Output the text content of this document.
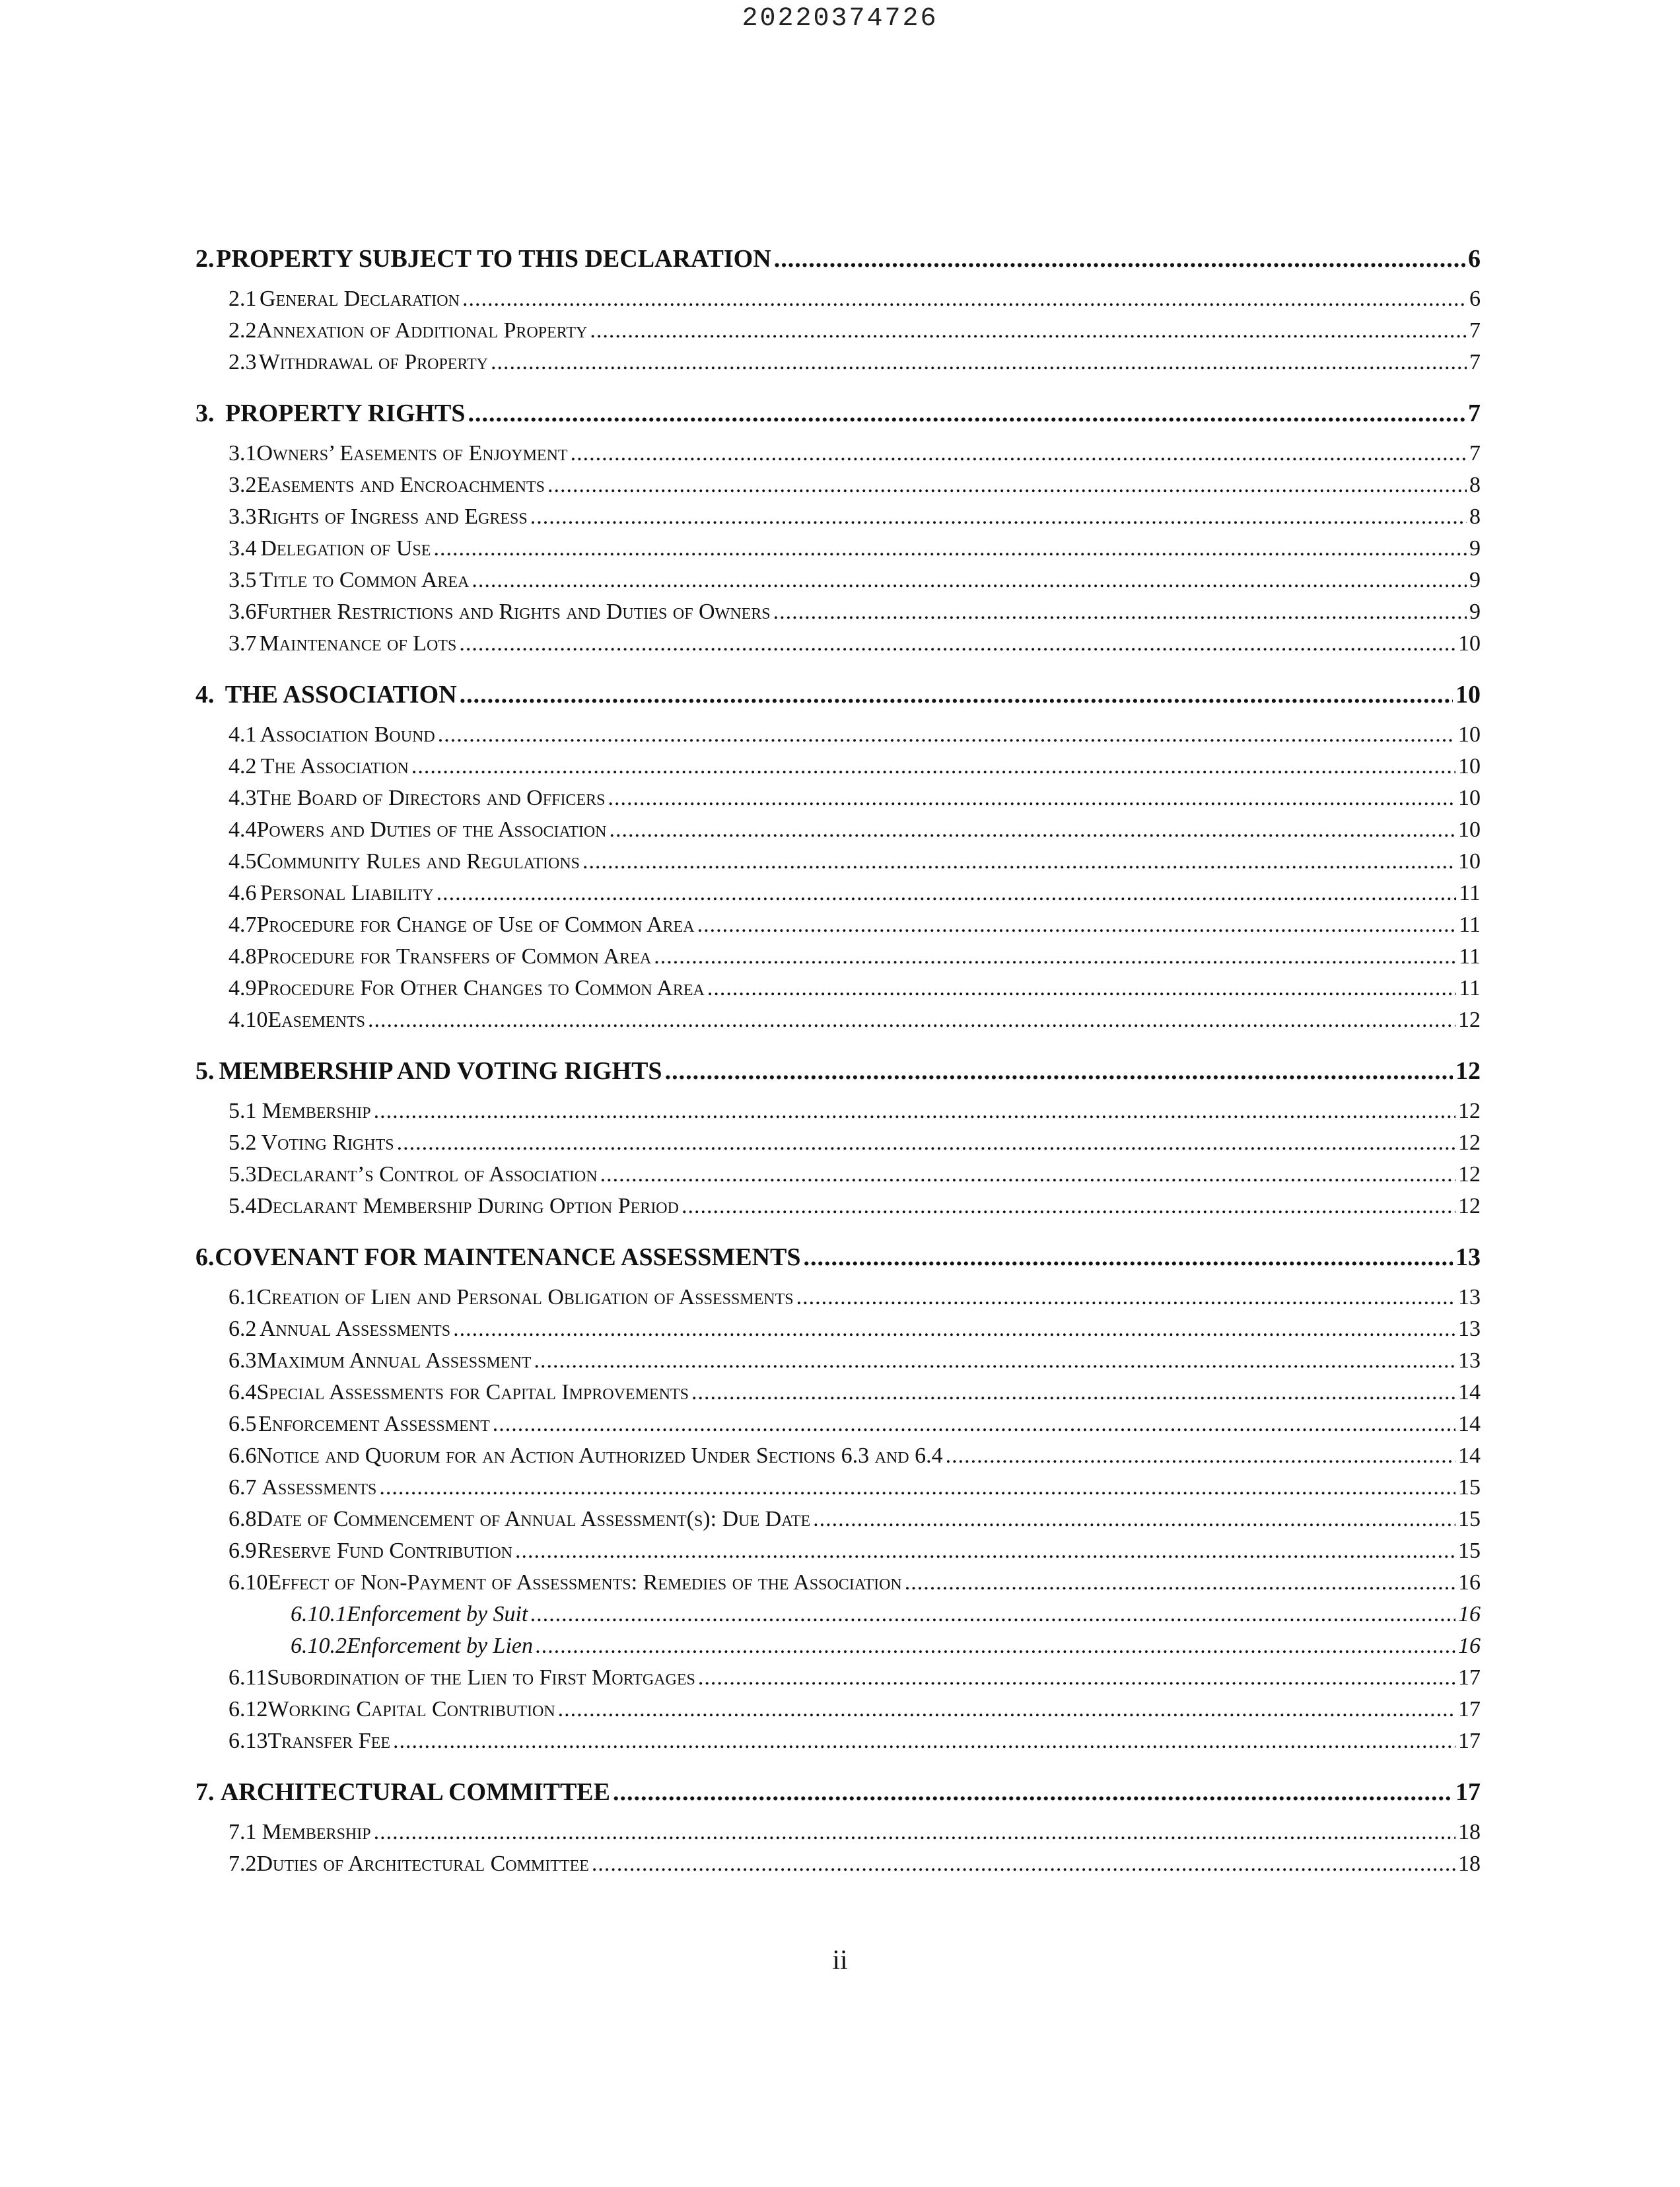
20220374726
2. PROPERTY SUBJECT TO THIS DECLARATION .....	6
2.1 General Declaration .....	6
2.2 Annexation of Additional Property .....	7
2.3 Withdrawal of Property .....	7
3. PROPERTY RIGHTS .....	7
3.1 Owners’ Easements of Enjoyment .....	7
3.2 Easements and Encroachments .....	8
3.3 Rights of Ingress and Egress .....	8
3.4 Delegation of Use .....	9
3.5 Title to Common Area .....	9
3.6 Further Restrictions and Rights and Duties of Owners .....	9
3.7 Maintenance of Lots .....	10
4. THE ASSOCIATION .....	10
4.1 Association Bound .....	10
4.2 The Association .....	10
4.3 The Board of Directors and Officers .....	10
4.4 Powers and Duties of the Association .....	10
4.5 Community Rules and Regulations .....	10
4.6 Personal Liability .....	11
4.7 Procedure for Change of Use of Common Area .....	11
4.8 Procedure for Transfers of Common Area .....	11
4.9 Procedure For Other Changes to Common Area .....	11
4.10 Easements .....	12
5. MEMBERSHIP AND VOTING RIGHTS .....	12
5.1 Membership .....	12
5.2 Voting Rights .....	12
5.3 Declarant’s Control of Association .....	12
5.4 Declarant Membership During Option Period .....	12
6. COVENANT FOR MAINTENANCE ASSESSMENTS .....	13
6.1 Creation of Lien and Personal Obligation of Assessments .....	13
6.2 Annual Assessments .....	13
6.3 Maximum Annual Assessment .....	13
6.4 Special Assessments for Capital Improvements .....	14
6.5 Enforcement Assessment .....	14
6.6 Notice and Quorum for an Action Authorized Under Sections 6.3 and 6.4 .....	14
6.7 Assessments .....	15
6.8 Date of Commencement of Annual Assessment(s): Due Date .....	15
6.9 Reserve Fund Contribution .....	15
6.10 Effect of Non-Payment of Assessments: Remedies of the Association .....	16
6.10.1 Enforcement by Suit .....	16
6.10.2 Enforcement by Lien .....	16
6.11 Subordination of the Lien to First Mortgages .....	17
6.12 Working Capital Contribution .....	17
6.13 Transfer Fee .....	17
7. ARCHITECTURAL COMMITTEE .....	17
7.1 Membership .....	18
7.2 Duties of Architectural Committee .....	18
ii
